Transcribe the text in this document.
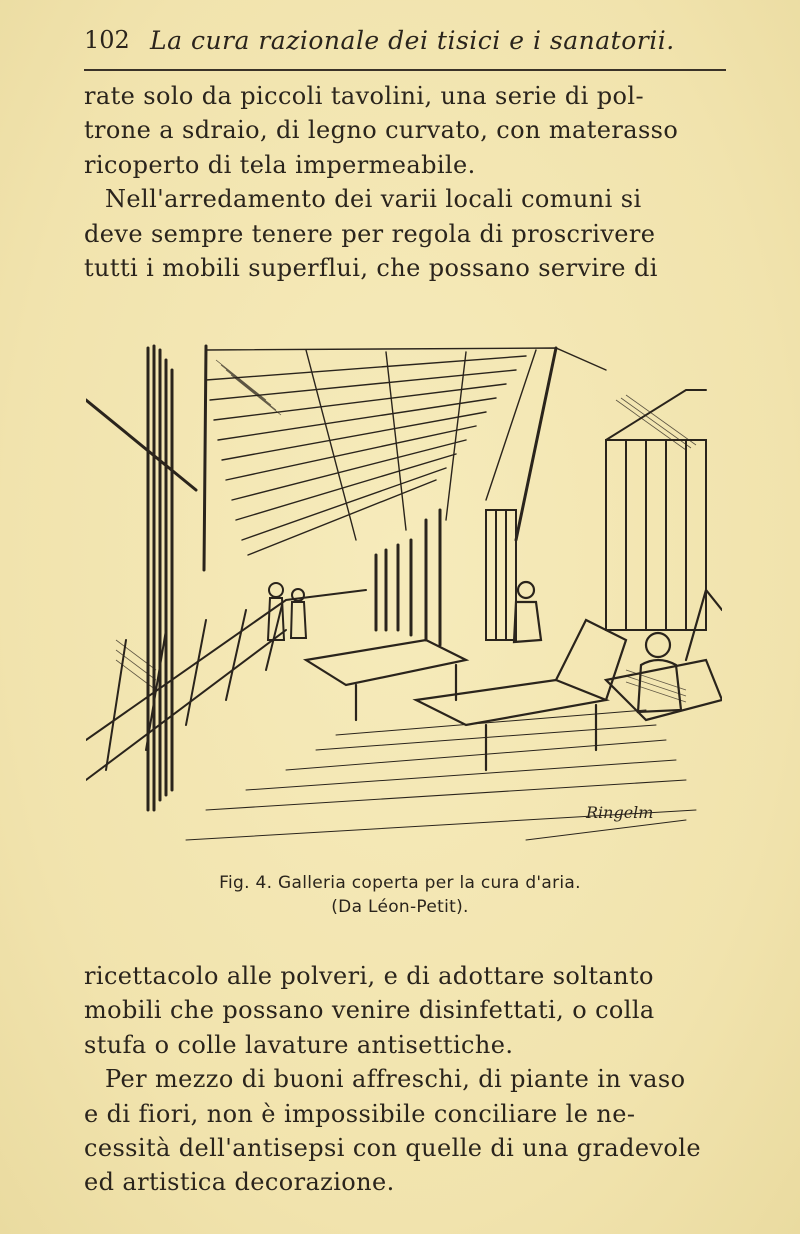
102 La cura razionale dei tisici e i sanatorii.
rate solo da piccoli tavolini, una serie di pol-
trone a sdraio, di legno curvato, con materasso
ricoperto di tela impermeabile.
Nell'arredamento dei varii locali comuni si
deve sempre tenere per regola di proscrivere
tutti i mobili superflui, che possano servire di
Ringelm
Fig. 4. Galleria coperta per la cura d'aria.
(Da Léon-Petit).
ricettacolo alle polveri, e di adottare soltanto
mobili che possano venire disinfettati, o colla
stufa o colle lavature antisettiche.
Per mezzo di buoni affreschi, di piante in vaso
e di fiori, non è impossibile conciliare le ne-
cessità dell'antisepsi con quelle di una gradevole
ed artistica decorazione.
